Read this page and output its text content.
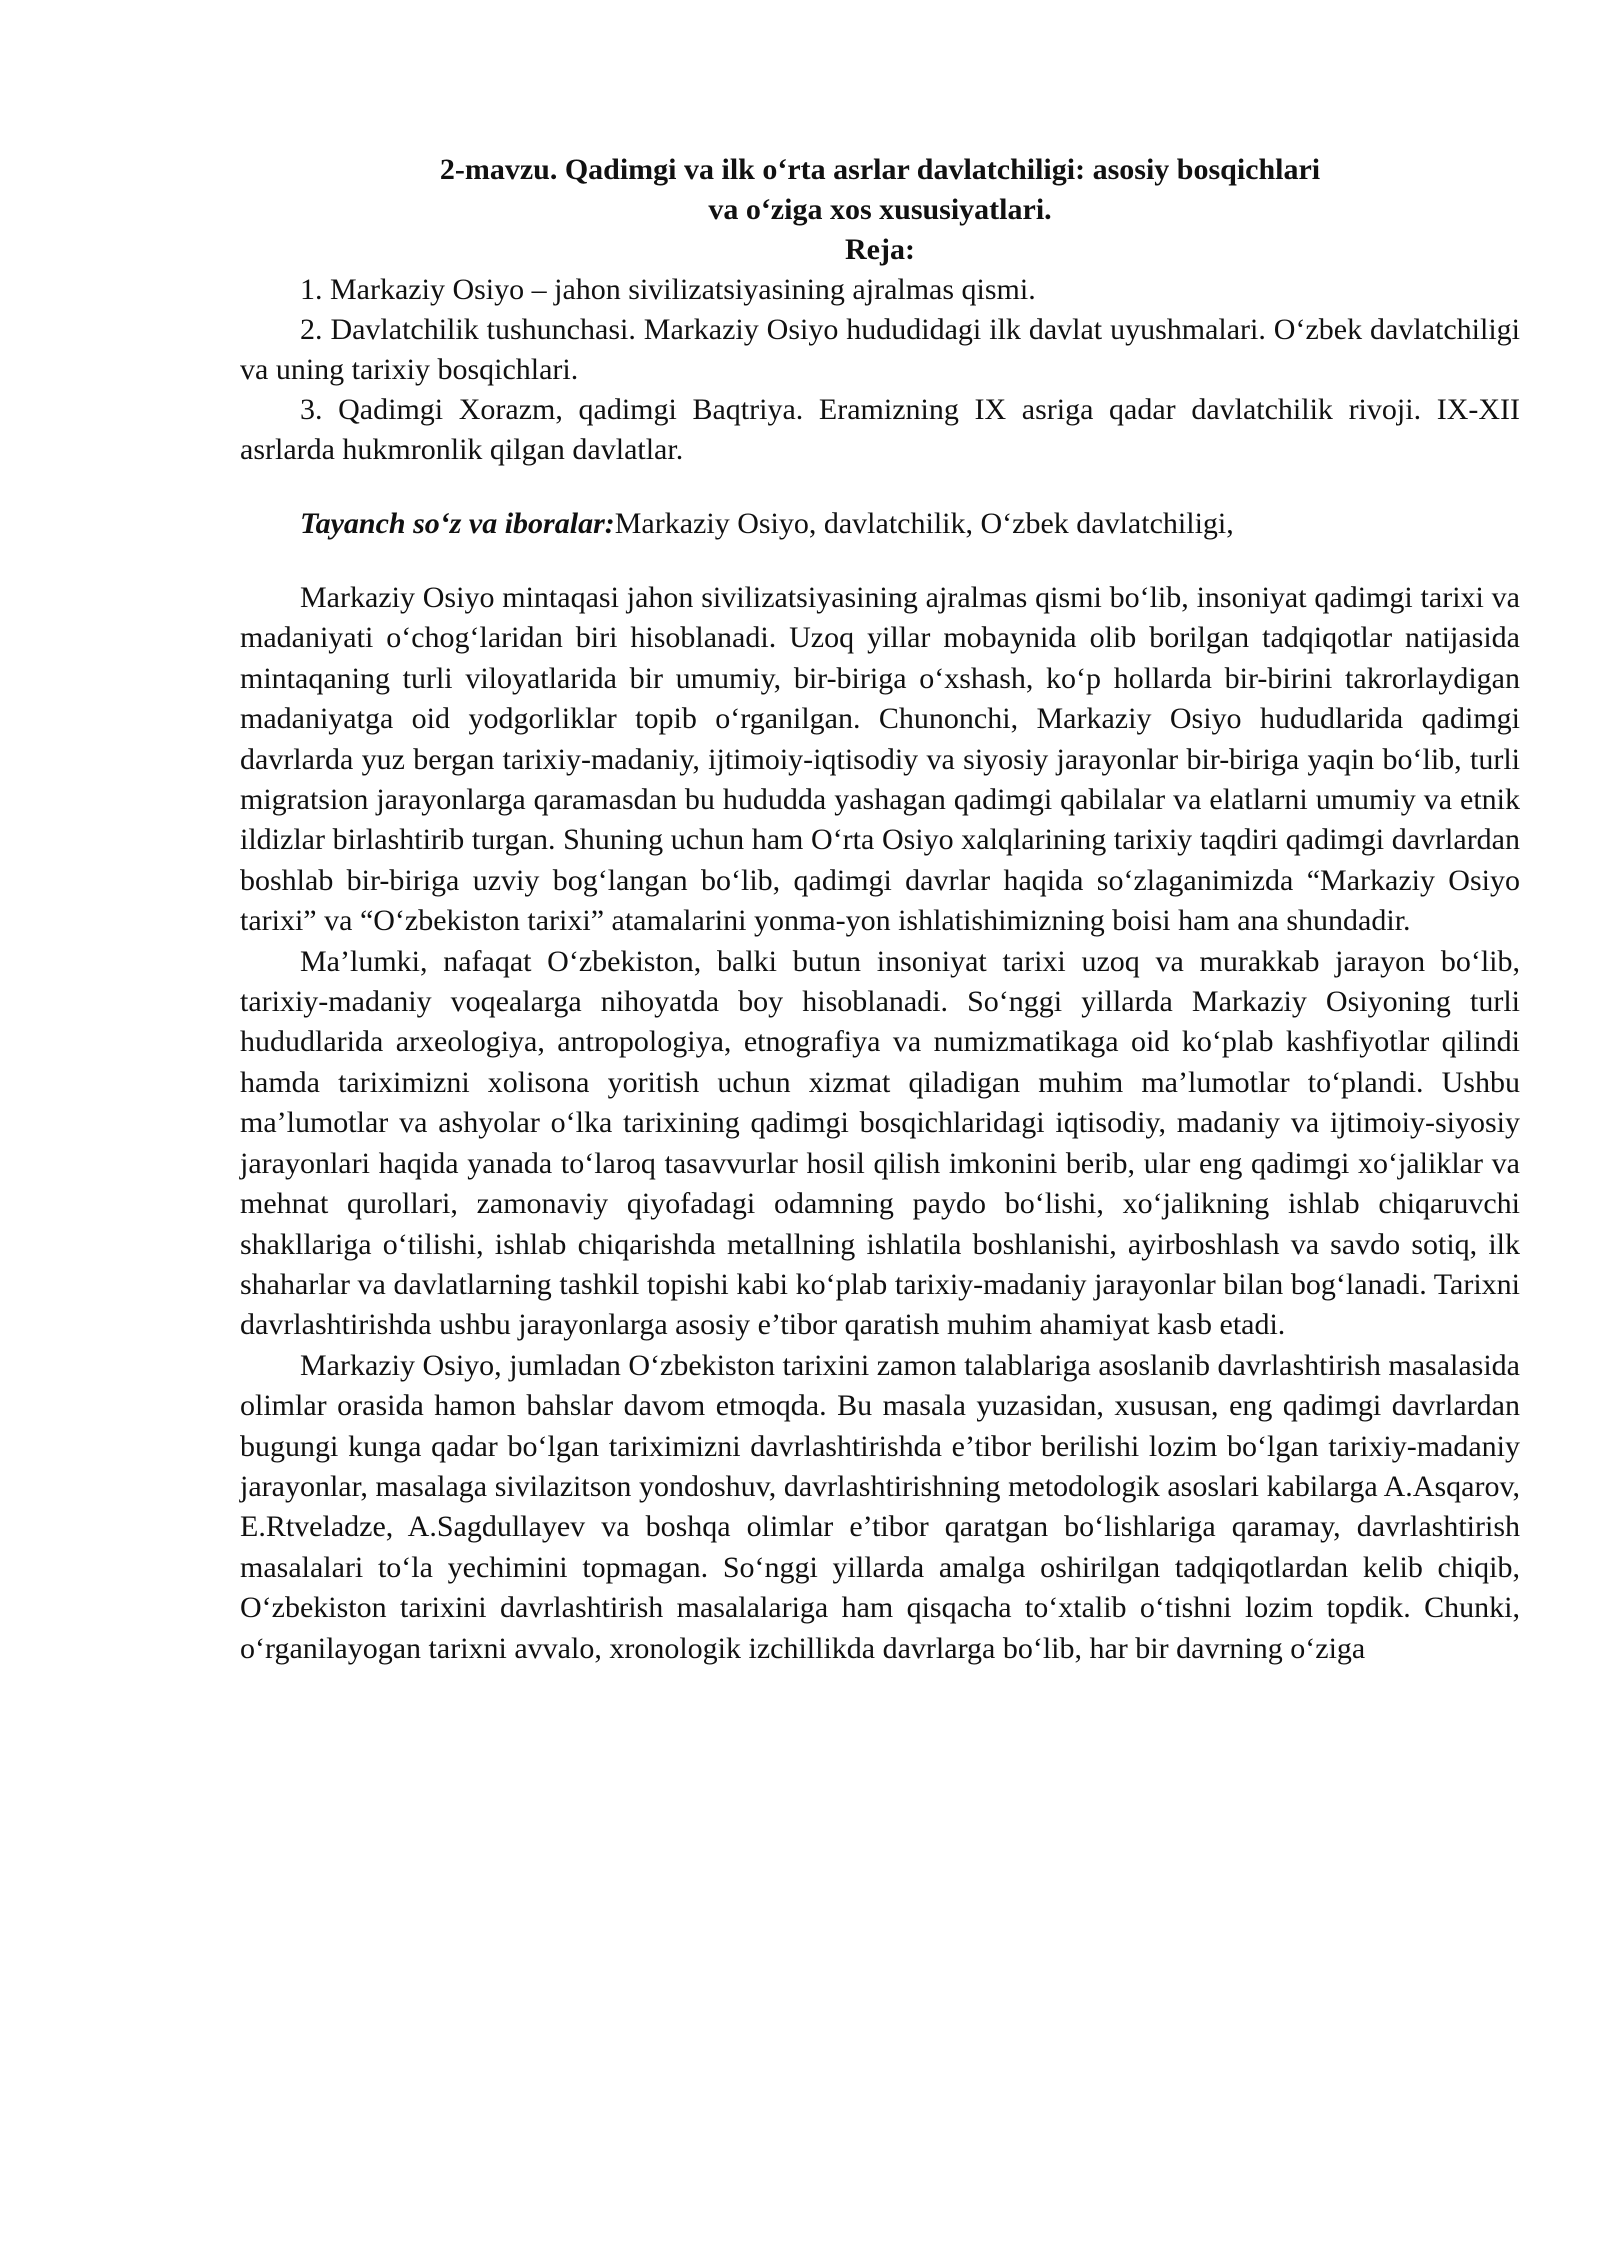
2-mavzu. Qadimgi va ilk o‘rta asrlar davlatchiligi: asosiy bosqichlari

va o‘ziga xos xususiyatlari.

Reja:

1. Markaziy Osiyo – jahon sivilizatsiyasining ajralmas qismi.

2. Davlatchilik tushunchasi. Markaziy Osiyo hududidagi ilk davlat uyushmalari. O‘zbek davlatchiligi va uning tarixiy bosqichlari.

3. Qadimgi Xorazm, qadimgi Baqtriya. Eramizning IX asriga qadar davlatchilik rivoji. IX-XII asrlarda hukmronlik qilgan davlatlar.

Tayanch so‘z va iboralar:Markaziy Osiyo, davlatchilik, O‘zbek davlatchiligi,

Markaziy Osiyo mintaqasi jahon sivilizatsiyasining ajralmas qismi bo‘lib, insoniyat qadimgi tarixi va madaniyati o‘chog‘laridan biri hisoblanadi. Uzoq yillar mobaynida olib borilgan tadqiqotlar natijasida mintaqaning turli viloyatlarida bir umumiy, bir-biriga o‘xshash, ko‘p hollarda bir-birini takrorlaydigan madaniyatga oid yodgorliklar topib o‘rganilgan. Chunonchi, Markaziy Osiyo hududlarida qadimgi davrlarda yuz bergan tarixiy-madaniy, ijtimoiy-iqtisodiy va siyosiy jarayonlar bir-biriga yaqin bo‘lib, turli migratsion jarayonlarga qaramasdan bu hududda yashagan qadimgi qabilalar va elatlarni umumiy va etnik ildizlar birlashtirib turgan. Shuning uchun ham O‘rta Osiyo xalqlarining tarixiy taqdiri qadimgi davrlardan boshlab bir-biriga uzviy bog‘langan bo‘lib, qadimgi davrlar haqida so‘zlaganimizda “Markaziy Osiyo tarixi” va “O‘zbekiston tarixi” atamalarini yonma-yon ishlatishimizning boisi ham ana shundadir.

Ma’lumki, nafaqat O‘zbekiston, balki butun insoniyat tarixi uzoq va murakkab jarayon bo‘lib, tarixiy-madaniy voqealarga nihoyatda boy hisoblanadi. So‘nggi yillarda Markaziy Osiyoning turli hududlarida arxeologiya, antropologiya, etnografiya va numizmatikaga oid ko‘plab kashfiyotlar qilindi hamda tariximizni xolisona yoritish uchun xizmat qiladigan muhim ma’lumotlar to‘plandi. Ushbu ma’lumotlar va ashyolar o‘lka tarixining qadimgi bosqichlaridagi iqtisodiy, madaniy va ijtimoiy-siyosiy jarayonlari haqida yanada to‘laroq tasavvurlar hosil qilish imkonini berib, ular eng qadimgi xo‘jaliklar va mehnat qurollari, zamonaviy qiyofadagi odamning paydo bo‘lishi, xo‘jalikning ishlab chiqaruvchi shakllariga o‘tilishi, ishlab chiqarishda metallning ishlatila boshlanishi, ayirboshlash va savdo sotiq, ilk shaharlar va davlatlarning tashkil topishi kabi ko‘plab tarixiy-madaniy jarayonlar bilan bog‘lanadi. Tarixni davrlashtirishda ushbu jarayonlarga asosiy e’tibor qaratish muhim ahamiyat kasb etadi.

Markaziy Osiyo, jumladan O‘zbekiston tarixini zamon talablariga asoslanib davrlashtirish masalasida olimlar orasida hamon bahslar davom etmoqda. Bu masala yuzasidan, xususan, eng qadimgi davrlardan bugungi kunga qadar bo‘lgan tariximizni davrlashtirishda e’tibor berilishi lozim bo‘lgan tarixiy-madaniy jarayonlar, masalaga sivilazitson yondoshuv, davrlashtirishning metodologik asoslari kabilarga A.Asqarov, E.Rtveladze, A.Sagdullayev va boshqa olimlar e’tibor qaratgan bo‘lishlariga qaramay, davrlashtirish masalalari to‘la yechimini topmagan. So‘nggi yillarda amalga oshirilgan tadqiqotlardan kelib chiqib, O‘zbekiston tarixini davrlashtirish masalalariga ham qisqacha to‘xtalib o‘tishni lozim topdik. Chunki, o‘rganilayogan tarixni avvalo, xronologik izchillikda davrlarga bo‘lib, har bir davrning o‘ziga
